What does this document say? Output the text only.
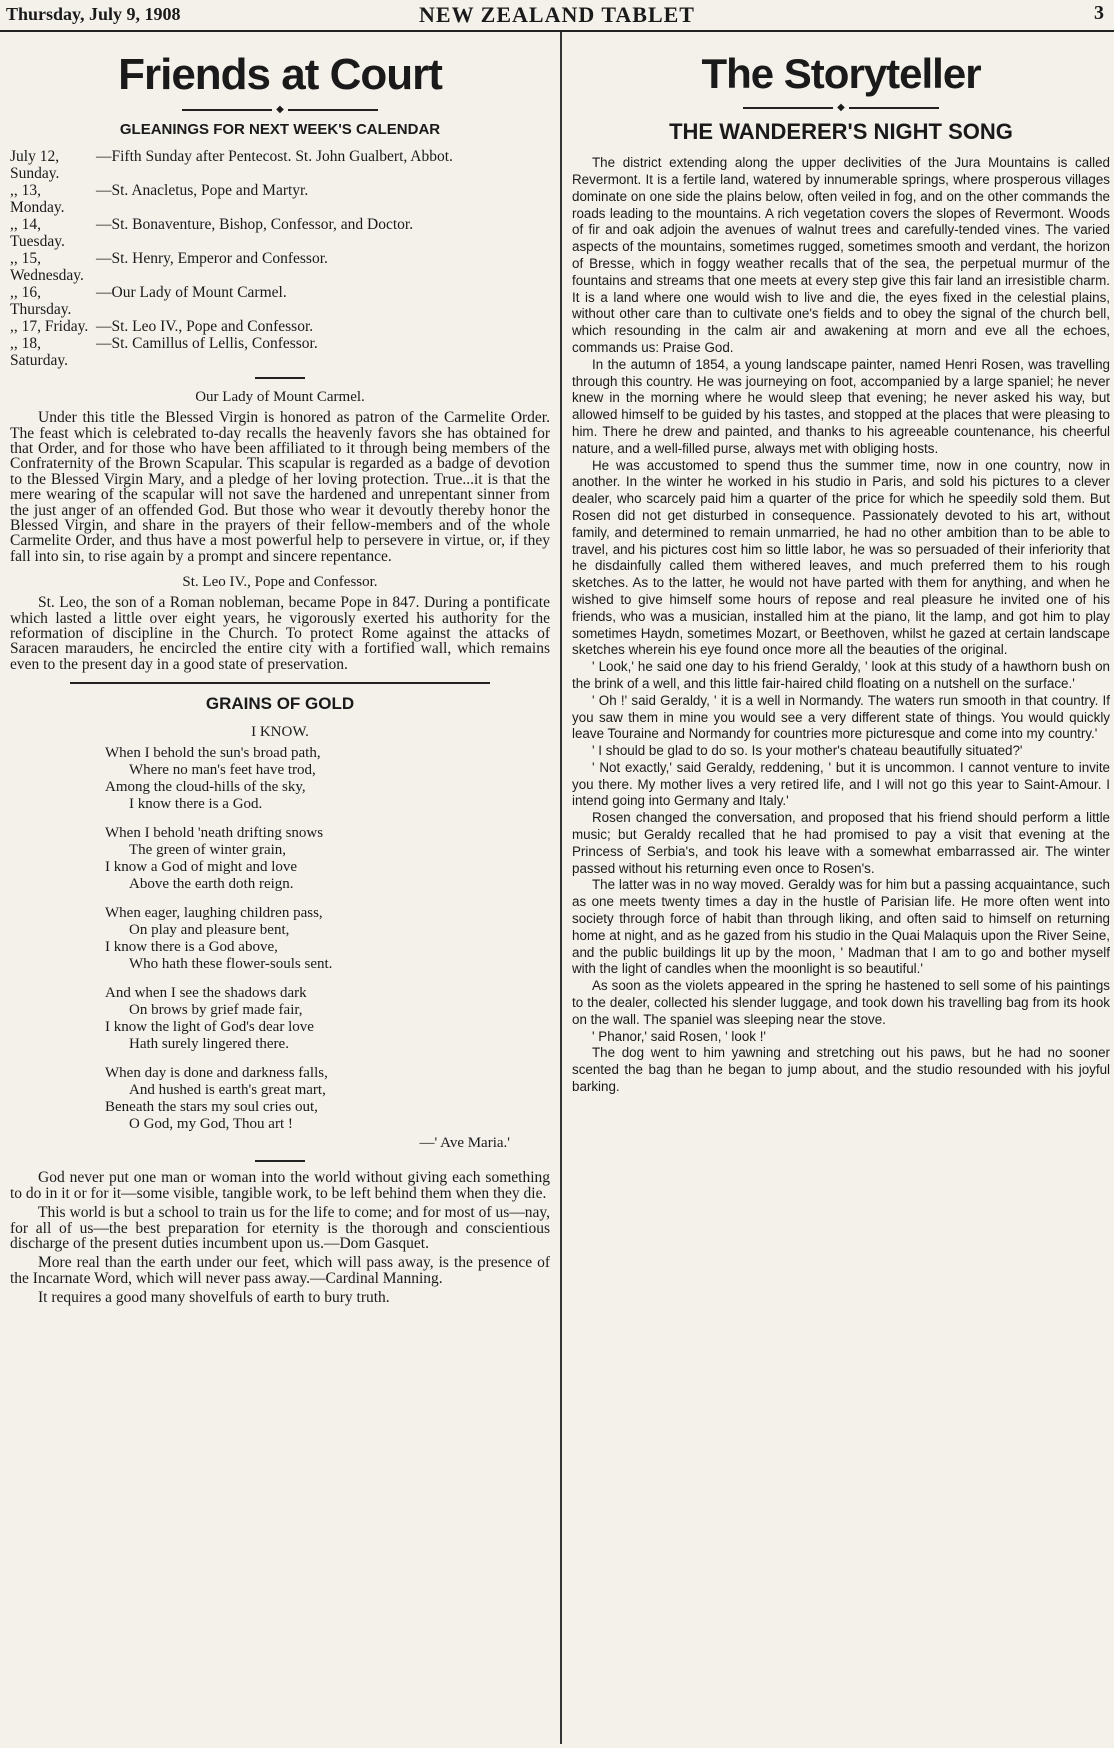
Thursday, July 9, 1908	NEW ZEALAND TABLET	3
Friends at Court
◆
GLEANINGS FOR NEXT WEEK'S CALENDAR
July 12, Sunday.
—Fifth Sunday after Pentecost. St. John Gualbert, Abbot.
,, 13, Monday.
—St. Anacletus, Pope and Martyr.
,, 14, Tuesday.
—St. Bonaventure, Bishop, Confessor, and Doctor.
,, 15, Wednesday.
—St. Henry, Emperor and Confessor.
,, 16, Thursday.
—Our Lady of Mount Carmel.
,, 17, Friday. —St. Leo IV., Pope and Confessor.
,, 18, Saturday.
—St. Camillus of Lellis, Confessor.
Our Lady of Mount Carmel.

Under this title the Blessed Virgin is honored as patron of the Carmelite Order. The feast which is celebrated to-day recalls the heavenly favors she has obtained for that Order, and for those who have been affiliated to it through being members of the Confraternity of the Brown Scapular. This scapular is regarded as a badge of devotion to the Blessed Virgin Mary, and a pledge of her loving protection. True...it is that the mere wearing of the scapular will not save the hardened and unrepentant sinner from the just anger of an offended God. But those who wear it devoutly thereby honor the Blessed Virgin, and share in the prayers of their fellow-members and of the whole Carmelite Order, and thus have a most powerful help to persevere in virtue, or, if they fall into sin, to rise again by a prompt and sincere repentance.

St. Leo IV., Pope and Confessor.

St. Leo, the son of a Roman nobleman, became Pope in 847. During a pontificate which lasted a little over eight years, he vigorously exerted his authority for the reformation of discipline in the Church. To protect Rome against the attacks of Saracen marauders, he encircled the entire city with a fortified wall, which remains even to the present day in a good state of preservation.

GRAINS OF GOLD
I KNOW.
When I behold the sun's broad path,
Where no man's feet have trod,
Among the cloud-hills of the sky,
I know there is a God.
When I behold 'neath drifting snows
The green of winter grain,
I know a God of might and love
Above the earth doth reign.
When eager, laughing children pass,
On play and pleasure bent,
I know there is a God above,
Who hath these flower-souls sent.
And when I see the shadows dark
On brows by grief made fair,
I know the light of God's dear love
Hath surely lingered there.
When day is done and darkness falls,
And hushed is earth's great mart,
Beneath the stars my soul cries out,
O God, my God, Thou art !
—' Ave Maria.'

God never put one man or woman into the world without giving each something to do in it or for it—some visible, tangible work, to be left behind them when they die.

This world is but a school to train us for the life to come; and for most of us—nay, for all of us—the best preparation for eternity is the thorough and conscientious discharge of the present duties incumbent upon us.—Dom Gasquet.

More real than the earth under our feet, which will pass away, is the presence of the Incarnate Word, which will never pass away.—Cardinal Manning.

It requires a good many shovelfuls of earth to bury truth.

The Storyteller
◆
THE WANDERER'S NIGHT SONG

The district extending along the upper declivities of the Jura Mountains is called Revermont. It is a fertile land, watered by innumerable springs, where prosperous villages dominate on one side the plains below, often veiled in fog, and on the other commands the roads leading to the mountains. A rich vegetation covers the slopes of Revermont. Woods of fir and oak adjoin the avenues of walnut trees and carefully-tended vines. The varied aspects of the mountains, sometimes rugged, sometimes smooth and verdant, the horizon of Bresse, which in foggy weather recalls that of the sea, the perpetual murmur of the fountains and streams that one meets at every step give this fair land an irresistible charm. It is a land where one would wish to live and die, the eyes fixed in the celestial plains, without other care than to cultivate one's fields and to obey the signal of the church bell, which resounding in the calm air and awakening at morn and eve all the echoes, commands us: Praise God.

In the autumn of 1854, a young landscape painter, named Henri Rosen, was travelling through this country. He was journeying on foot, accompanied by a large spaniel; he never knew in the morning where he would sleep that evening; he never asked his way, but allowed himself to be guided by his tastes, and stopped at the places that were pleasing to him. There he drew and painted, and thanks to his agreeable countenance, his cheerful nature, and a well-filled purse, always met with obliging hosts.

He was accustomed to spend thus the summer time, now in one country, now in another. In the winter he worked in his studio in Paris, and sold his pictures to a clever dealer, who scarcely paid him a quarter of the price for which he speedily sold them. But Rosen did not get disturbed in consequence. Passionately devoted to his art, without family, and determined to remain unmarried, he had no other ambition than to be able to travel, and his pictures cost him so little labor, he was so persuaded of their inferiority that he disdainfully called them withered leaves, and much preferred them to his rough sketches. As to the latter, he would not have parted with them for anything, and when he wished to give himself some hours of repose and real pleasure he invited one of his friends, who was a musician, installed him at the piano, lit the lamp, and got him to play sometimes Haydn, sometimes Mozart, or Beethoven, whilst he gazed at certain landscape sketches wherein his eye found once more all the beauties of the original.

' Look,' he said one day to his friend Geraldy, ' look at this study of a hawthorn bush on the brink of a well, and this little fair-haired child floating on a nutshell on the surface.'

' Oh !' said Geraldy, ' it is a well in Normandy. The waters run smooth in that country. If you saw them in mine you would see a very different state of things. You would quickly leave Touraine and Normandy for countries more picturesque and come into my country.'

' I should be glad to do so. Is your mother's chateau beautifully situated?'

' Not exactly,' said Geraldy, reddening, ' but it is uncommon. I cannot venture to invite you there. My mother lives a very retired life, and I will not go this year to Saint-Amour. I intend going into Germany and Italy.'

Rosen changed the conversation, and proposed that his friend should perform a little music; but Geraldy recalled that he had promised to pay a visit that evening at the Princess of Serbia's, and took his leave with a somewhat embarrassed air. The winter passed without his returning even once to Rosen's.

The latter was in no way moved. Geraldy was for him but a passing acquaintance, such as one meets twenty times a day in the hustle of Parisian life. He more often went into society through force of habit than through liking, and often said to himself on returning home at night, and as he gazed from his studio in the Quai Malaquis upon the River Seine, and the public buildings lit up by the moon, ' Madman that I am to go and bother myself with the light of candles when the moonlight is so beautiful.'

As soon as the violets appeared in the spring he hastened to sell some of his paintings to the dealer, collected his slender luggage, and took down his travelling bag from its hook on the wall. The spaniel was sleeping near the stove.

' Phanor,' said Rosen, ' look !'

The dog went to him yawning and stretching out his paws, but he had no sooner scented the bag than he began to jump about, and the studio resounded with his joyful barking.
